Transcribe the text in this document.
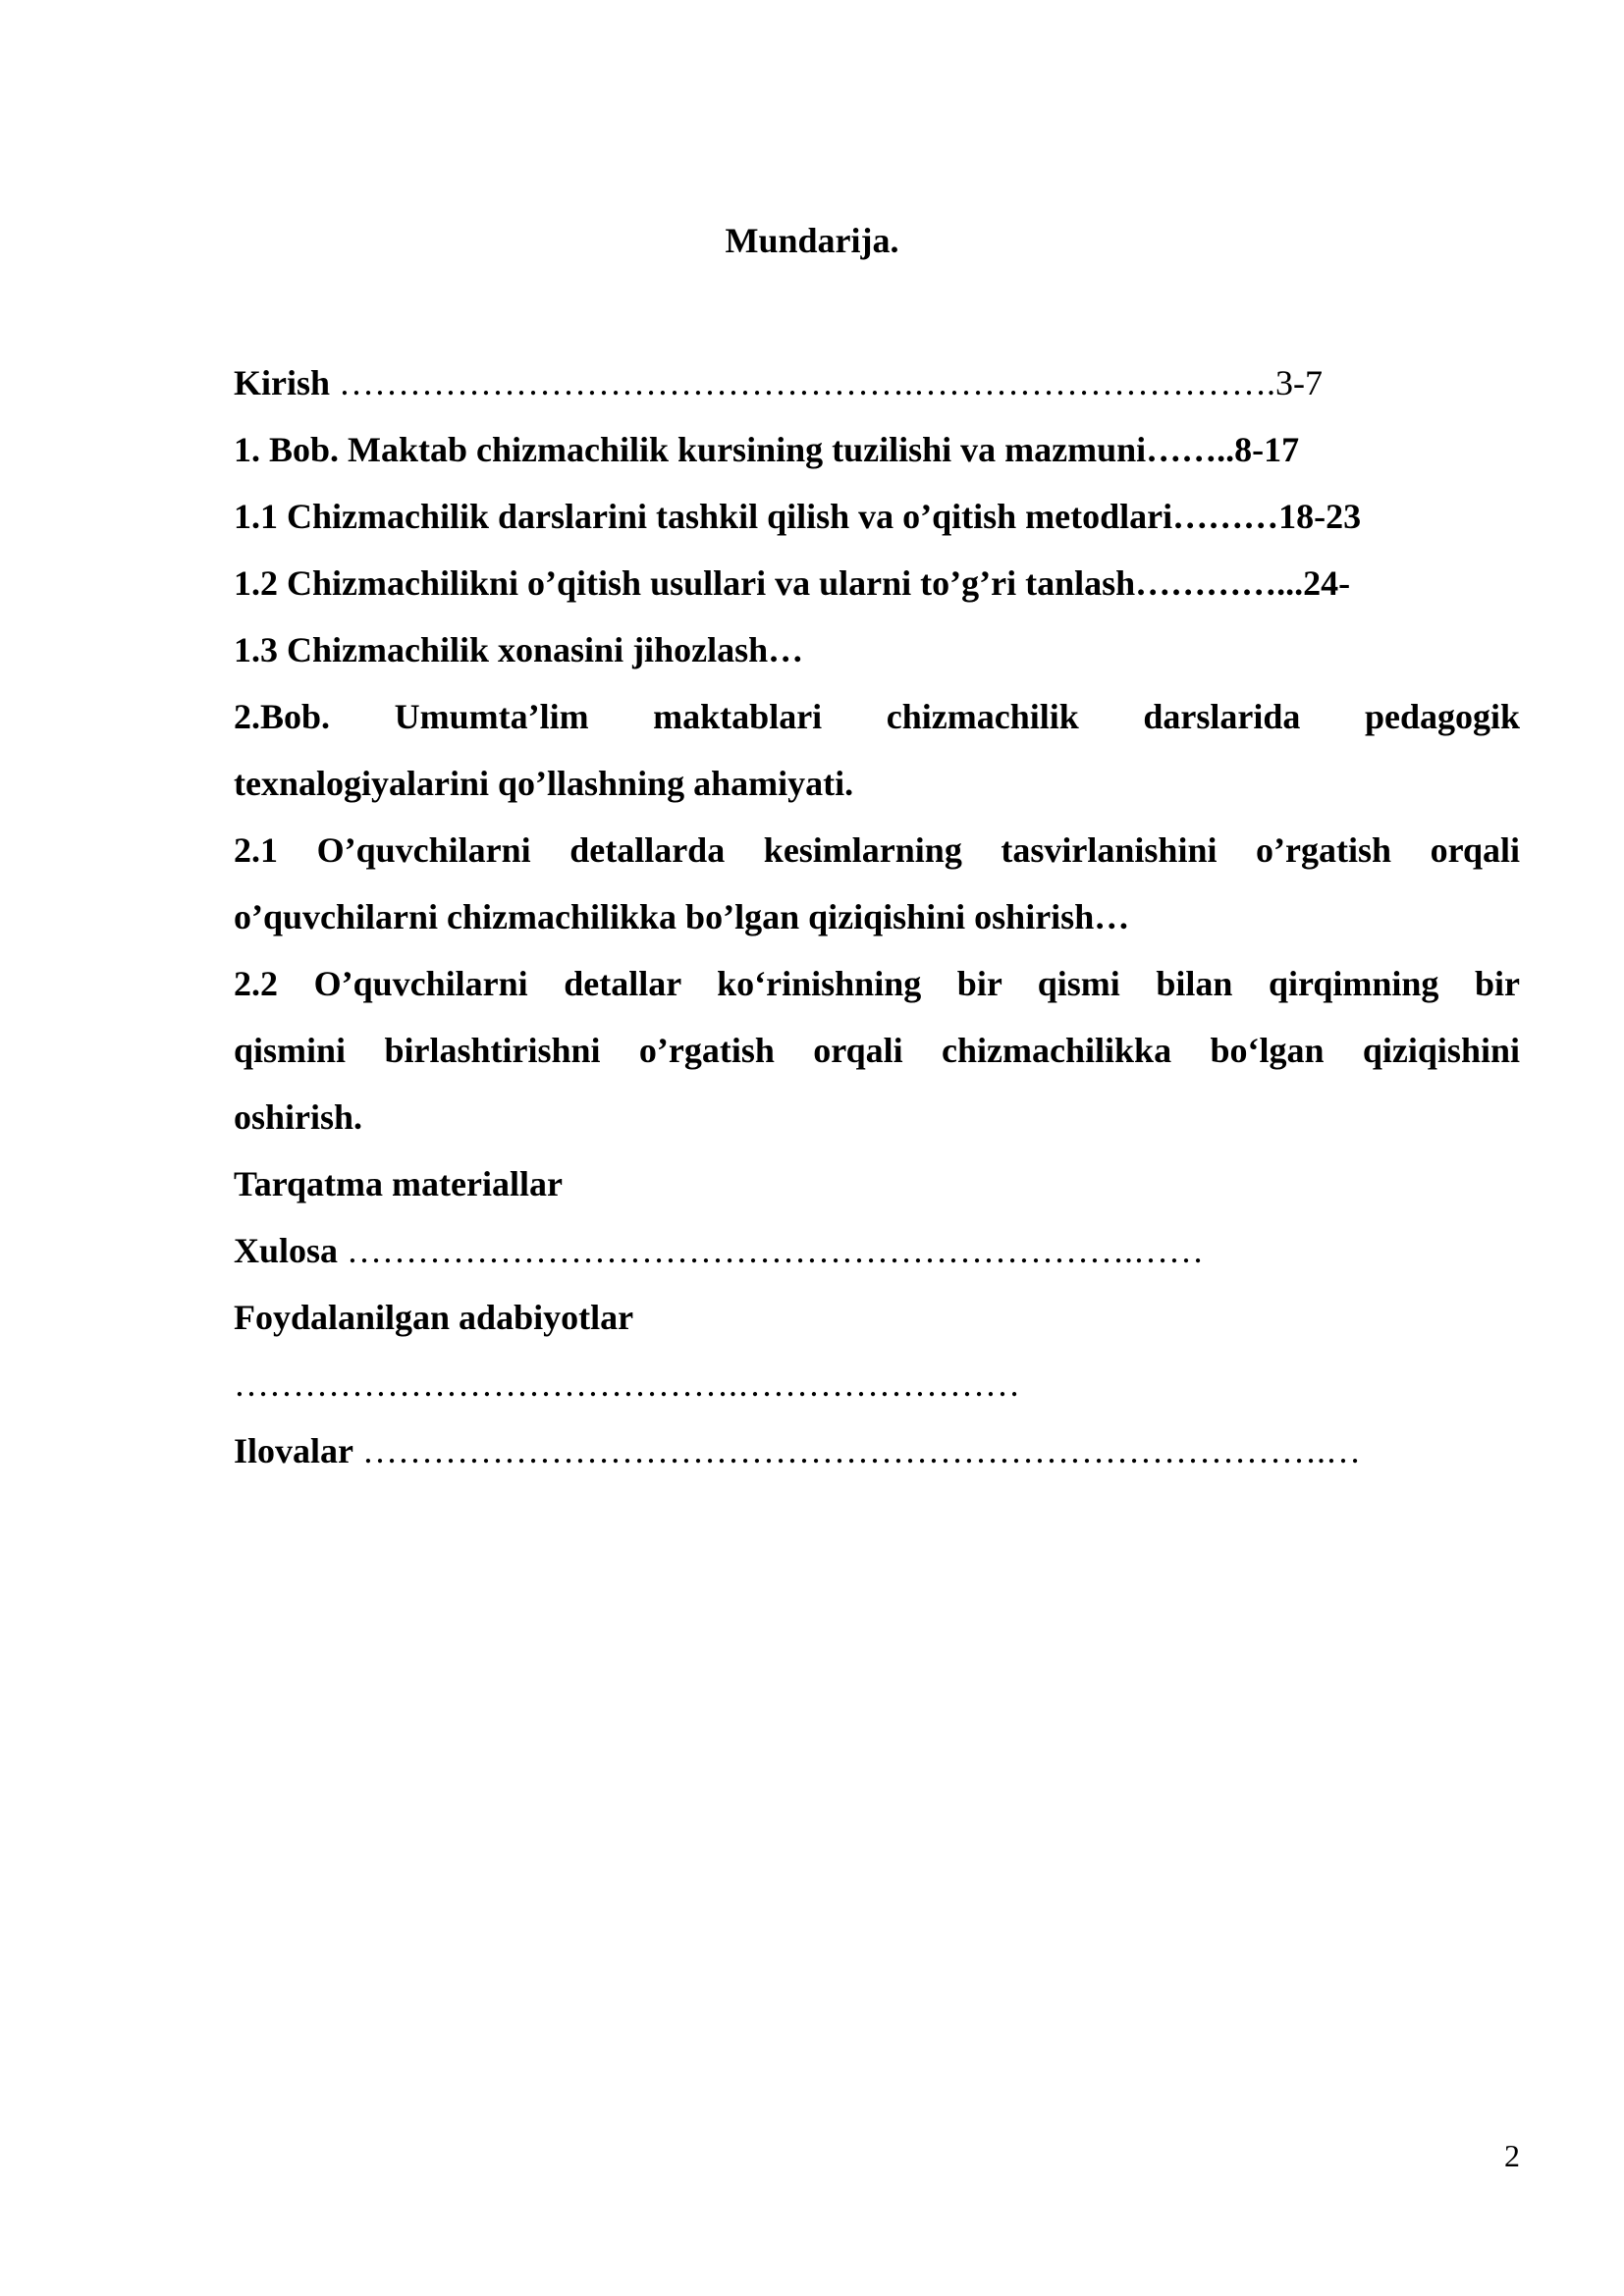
Mundarija.
Kirish ………………………………………….………………………….3-7
1. Bob. Maktab chizmachilik kursining tuzilishi va mazmuni……..8-17
1.1 Chizmachilik darslarini tashkil qilish va o’qitish metodlari………18-23
1.2 Chizmachilikni o’qitish usullari va ularni to’g’ri tanlash…………...24-
1.3 Chizmachilik xonasini jihozlash…
2.Bob. Umumta’lim maktablari chizmachilik darslarida pedagogik
texnalogiyalarini qo’llashning ahamiyati.
2.1 O’quvchilarni detallarda kesimlarning tasvirlanishini o’rgatish orqali
o’quvchilarni chizmachilikka bo’lgan qiziqishini oshirish…
2.2 O’quvchilarni detallar koʻrinishning bir qismi bilan qirqimning bir
qismini birlashtirishni o’rgatish orqali chizmachilikka boʻlgan qiziqishini
oshirish.
Tarqatma materiallar
Xulosa ………………………………………………………….……
Foydalanilgan adabiyotlar
…………………………………….……………………
Ilovalar ……………………………………………………………………….…
2
